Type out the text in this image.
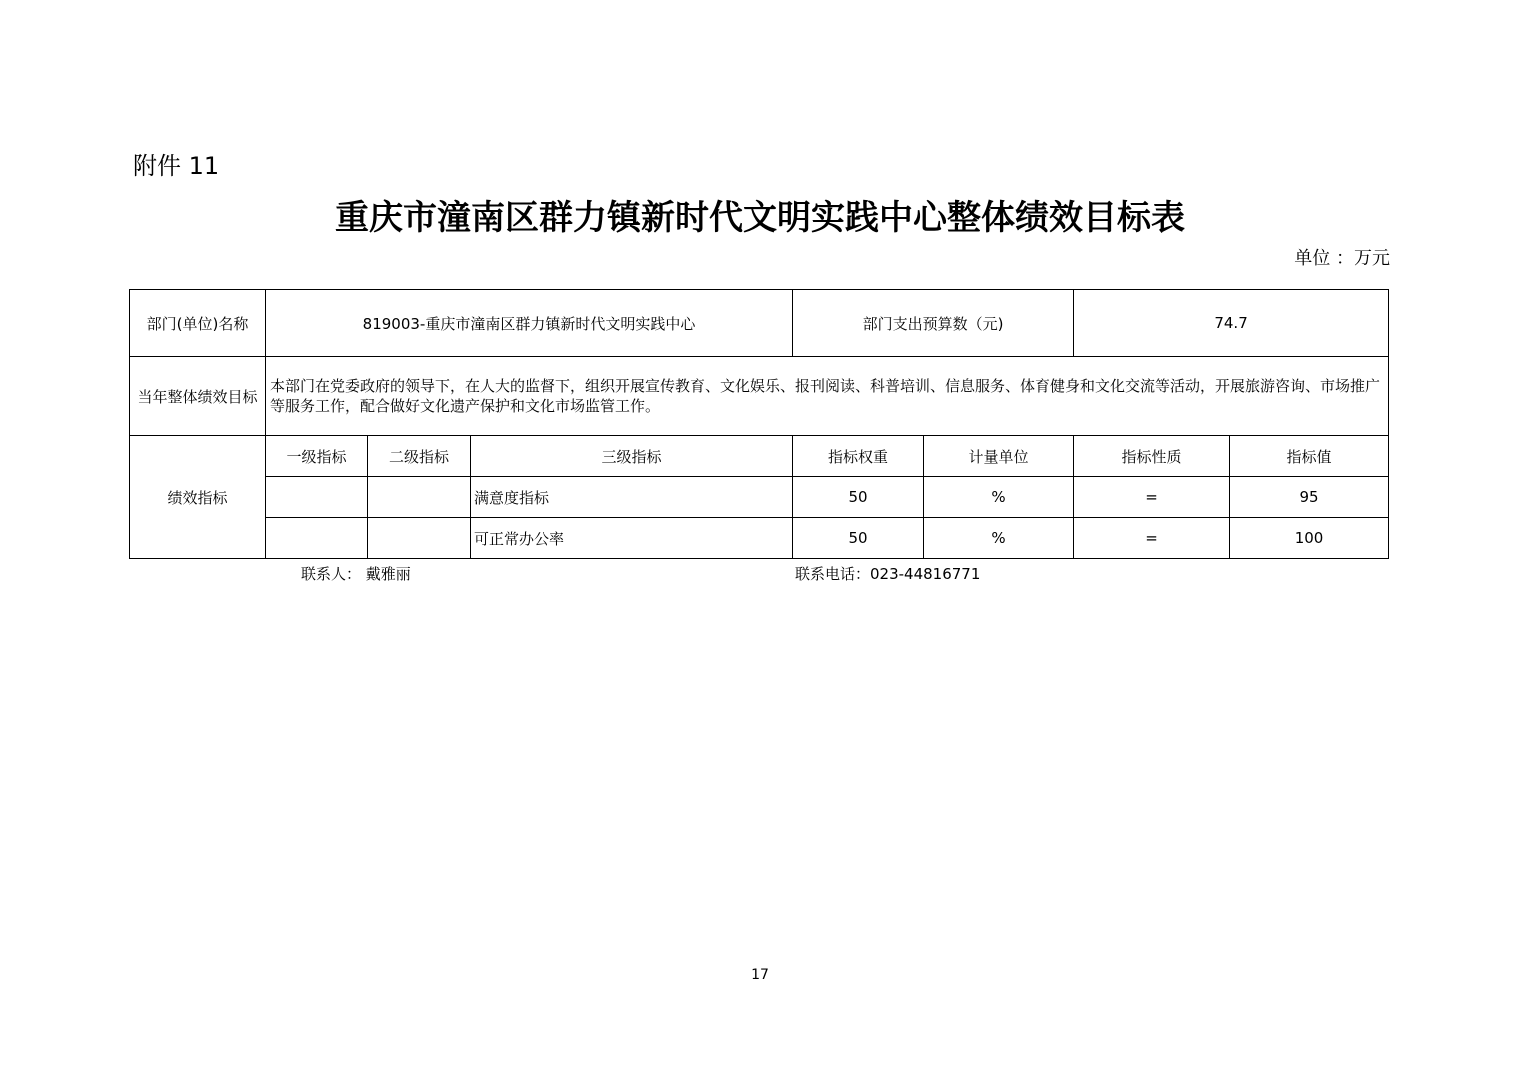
附件 11
重庆市潼南区群力镇新时代文明实践中心整体绩效目标表
单位 ：万元
部门(单位)名称	819003-重庆市潼南区群力镇新时代文明实践中心			部门支出预算数（元)		74.7	
当年整体绩效目标	本部门在党委政府的领导下，在人大的监督下，组织开展宣传教育、文化娱乐、报刊阅读、科普培训、信息服务、体育健身和文化交流等活动，开展旅游咨询、市场推广等服务工作，配合做好文化遗产保护和文化市场监管工作。						
绩效指标	一级指标	二级指标	三级指标	指标权重	计量单位	指标性质	指标值
			满意度指标	50	%	=	95
			可正常办公率	50	%	=	100
联系人： 戴雅丽	联系电话：023-44816771
17
